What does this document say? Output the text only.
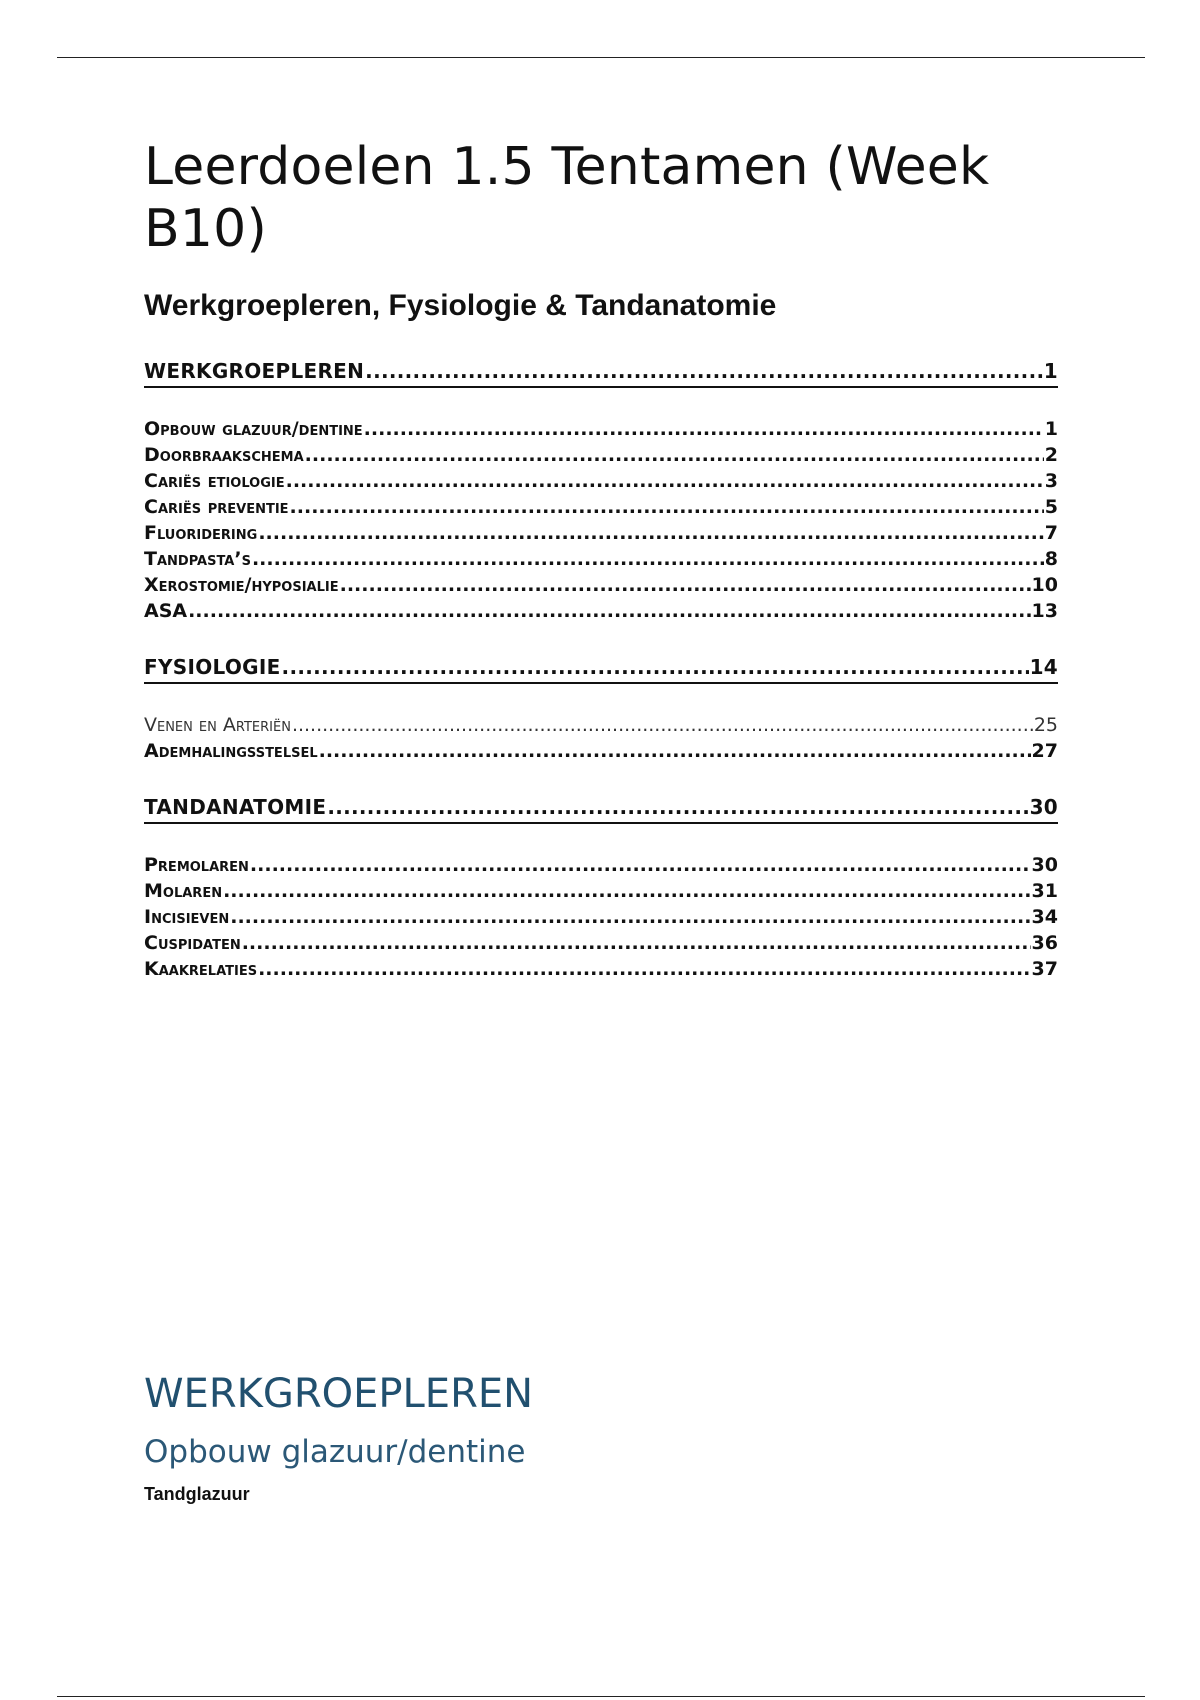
Leerdoelen 1.5 Tentamen (Week B10)
Werkgroepleren, Fysiologie & Tandanatomie
WERKGROEPLEREN .....	1
Opbouw glazuur/dentine .....	1
Doorbraakschema .....	2
Cariës etiologie .....	3
Cariës preventie .....	5
Fluoridering .....	7
Tandpasta’s .....	8
Xerostomie/hyposialie .....	10
ASA .....	13
FYSIOLOGIE .....	14
Venen en Arteriën .....	25
Ademhalingsstelsel .....	27
TANDANATOMIE .....	30
Premolaren .....	30
Molaren .....	31
Incisieven .....	34
Cuspidaten .....	36
Kaakrelaties .....	37
WERKGROEPLEREN
Opbouw glazuur/dentine
Tandglazuur
